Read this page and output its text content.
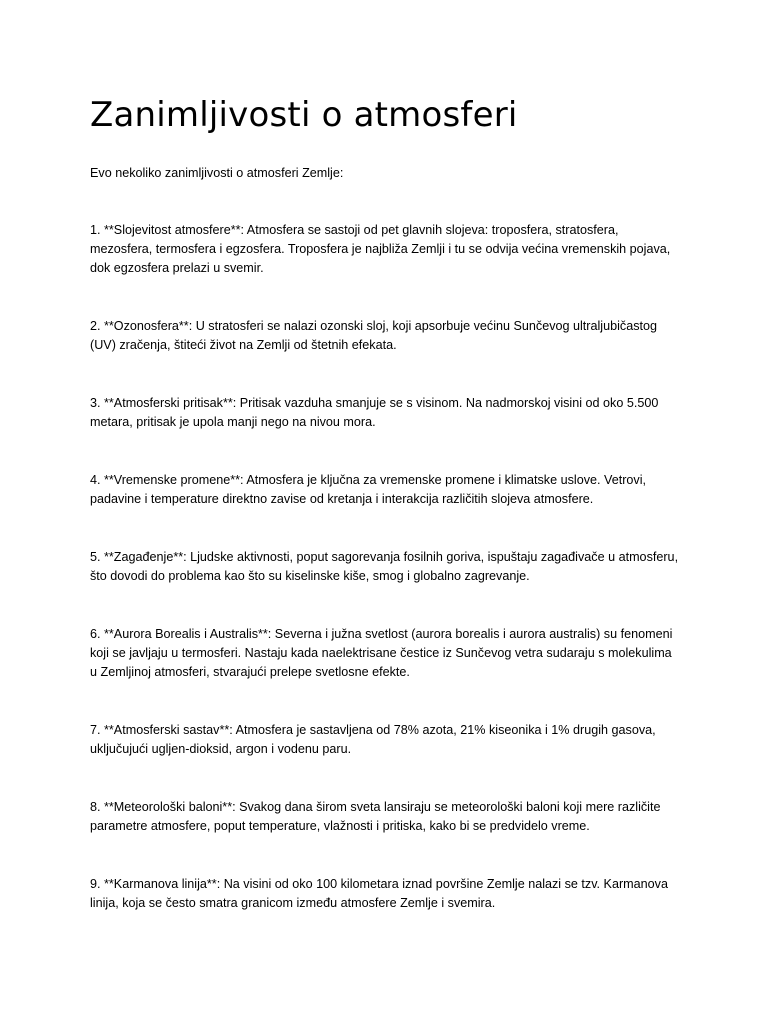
Zanimljivosti o atmosferi

Evo nekoliko zanimljivosti o atmosferi Zemlje:

1. **Slojevitost atmosfere**: Atmosfera se sastoji od pet glavnih slojeva: troposfera, stratosfera, mezosfera, termosfera i egzosfera. Troposfera je najbliža Zemlji i tu se odvija većina vremenskih pojava, dok egzosfera prelazi u svemir.
2. **Ozonosfera**: U stratosferi se nalazi ozonski sloj, koji apsorbuje većinu Sunčevog ultraljubičastog (UV) zračenja, štiteći život na Zemlji od štetnih efekata.
3. **Atmosferski pritisak**: Pritisak vazduha smanjuje se s visinom. Na nadmorskoj visini od oko 5.500 metara, pritisak je upola manji nego na nivou mora.
4. **Vremenske promene**: Atmosfera je ključna za vremenske promene i klimatske uslove. Vetrovi, padavine i temperature direktno zavise od kretanja i interakcija različitih slojeva atmosfere.
5. **Zagađenje**: Ljudske aktivnosti, poput sagorevanja fosilnih goriva, ispuštaju zagađivače u atmosferu, što dovodi do problema kao što su kiselinske kiše, smog i globalno zagrevanje.
6. **Aurora Borealis i Australis**: Severna i južna svetlost (aurora borealis i aurora australis) su fenomeni koji se javljaju u termosferi. Nastaju kada naelektrisane čestice iz Sunčevog vetra sudaraju s molekulima u Zemljinoj atmosferi, stvarajući prelepe svetlosne efekte.
7. **Atmosferski sastav**: Atmosfera je sastavljena od 78% azota, 21% kiseonika i 1% drugih gasova, uključujući ugljen-dioksid, argon i vodenu paru.
8. **Meteorološki baloni**: Svakog dana širom sveta lansiraju se meteorološki baloni koji mere različite parametre atmosfere, poput temperature, vlažnosti i pritiska, kako bi se predvidelo vreme.
9. **Karmanova linija**: Na visini od oko 100 kilometara iznad površine Zemlje nalazi se tzv. Karmanova linija, koja se često smatra granicom između atmosfere Zemlje i svemira.
